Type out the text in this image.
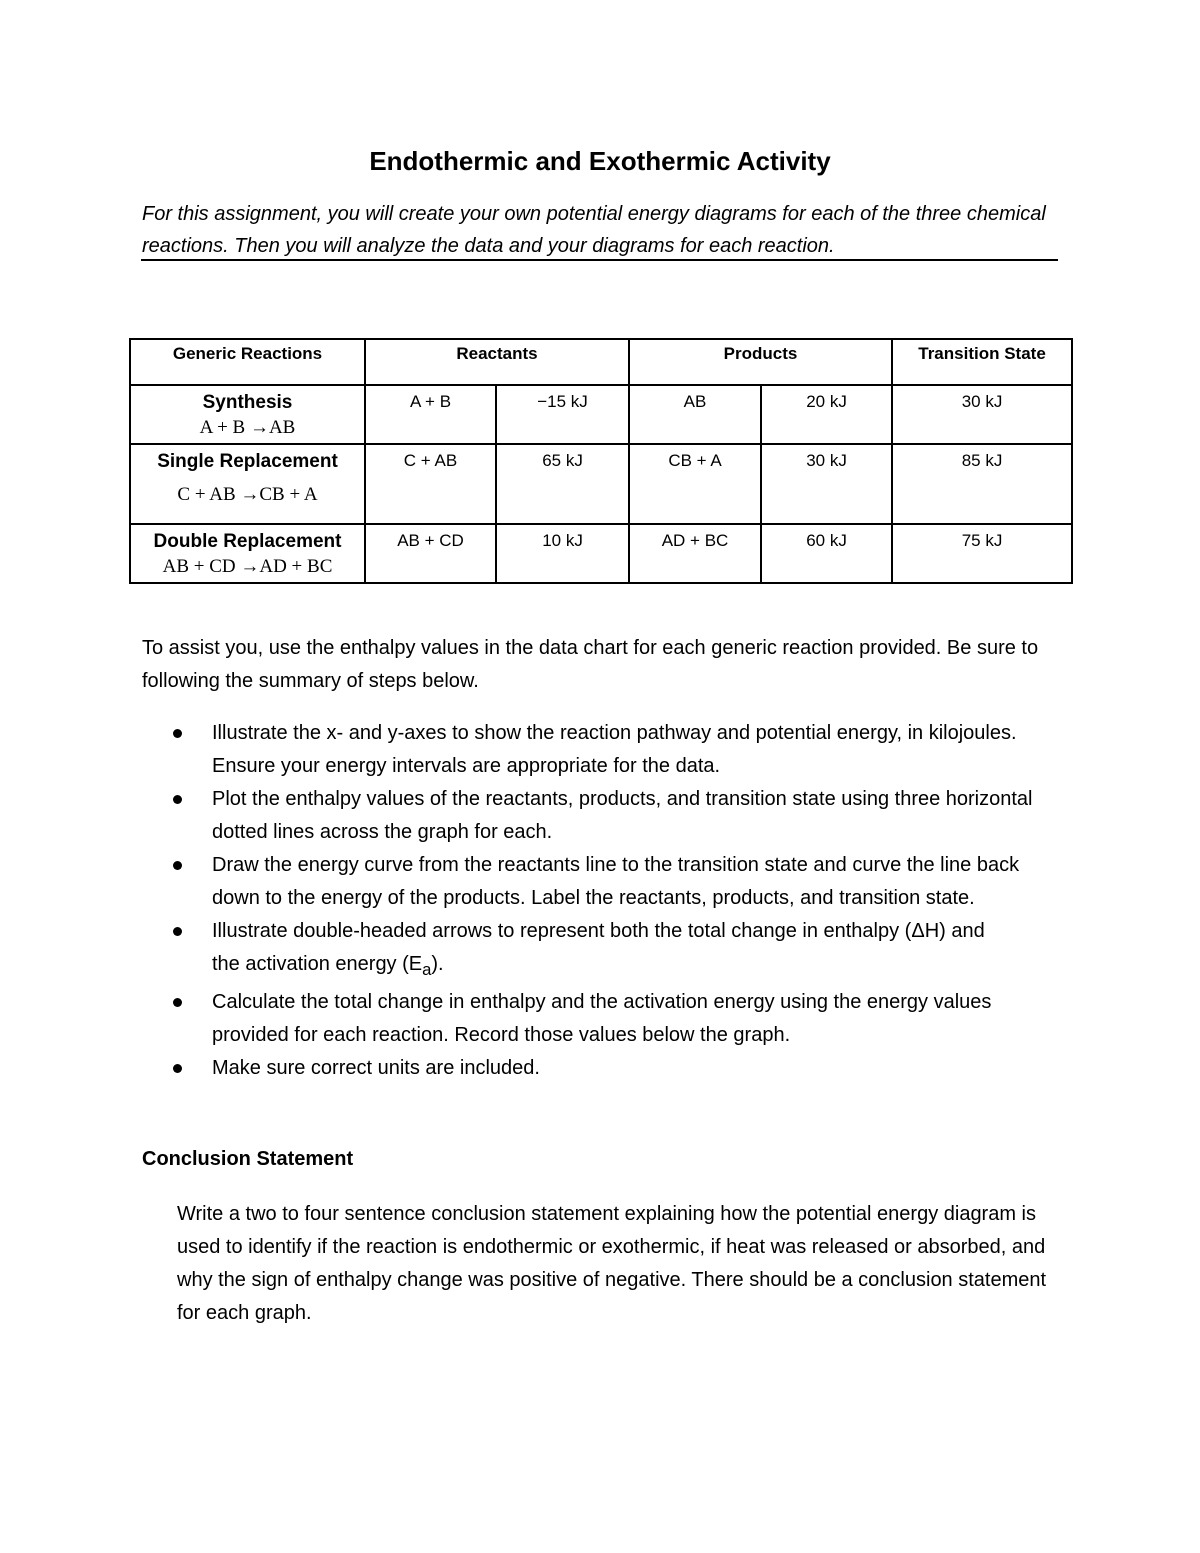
Endothermic and Exothermic Activity
For this assignment, you will create your own potential energy diagrams for each of the three chemical reactions. Then you will analyze the data and your diagrams for each reaction.
Generic Reactions	Reactants		Products		Transition State

Synthesis
A + B →AB	A + B	−15 kJ	AB	20 kJ	30 kJ

Single Replacement
C + AB →CB + A	C + AB	65 kJ	CB + A	30 kJ	85 kJ

Double Replacement
AB + CD →AD + BC	AB + CD	10 kJ	AD + BC	60 kJ	75 kJ
To assist you, use the enthalpy values in the data chart for each generic reaction provided. Be sure to following the summary of steps below.
Illustrate the x- and y-axes to show the reaction pathway and potential energy, in kilojoules. Ensure your energy intervals are appropriate for the data.
Plot the enthalpy values of the reactants, products, and transition state using three horizontal dotted lines across the graph for each.
Draw the energy curve from the reactants line to the transition state and curve the line back down to the energy of the products. Label the reactants, products, and transition state.
Illustrate double-headed arrows to represent both the total change in enthalpy (ΔH) and
the activation energy $(E_a)$.
Calculate the total change in enthalpy and the activation energy using the energy values provided for each reaction. Record those values below the graph.
Make sure correct units are included.
Conclusion Statement
Write a two to four sentence conclusion statement explaining how the potential energy diagram is used to identify if the reaction is endothermic or exothermic, if heat was released or absorbed, and why the sign of enthalpy change was positive of negative. There should be a conclusion statement for each graph.
